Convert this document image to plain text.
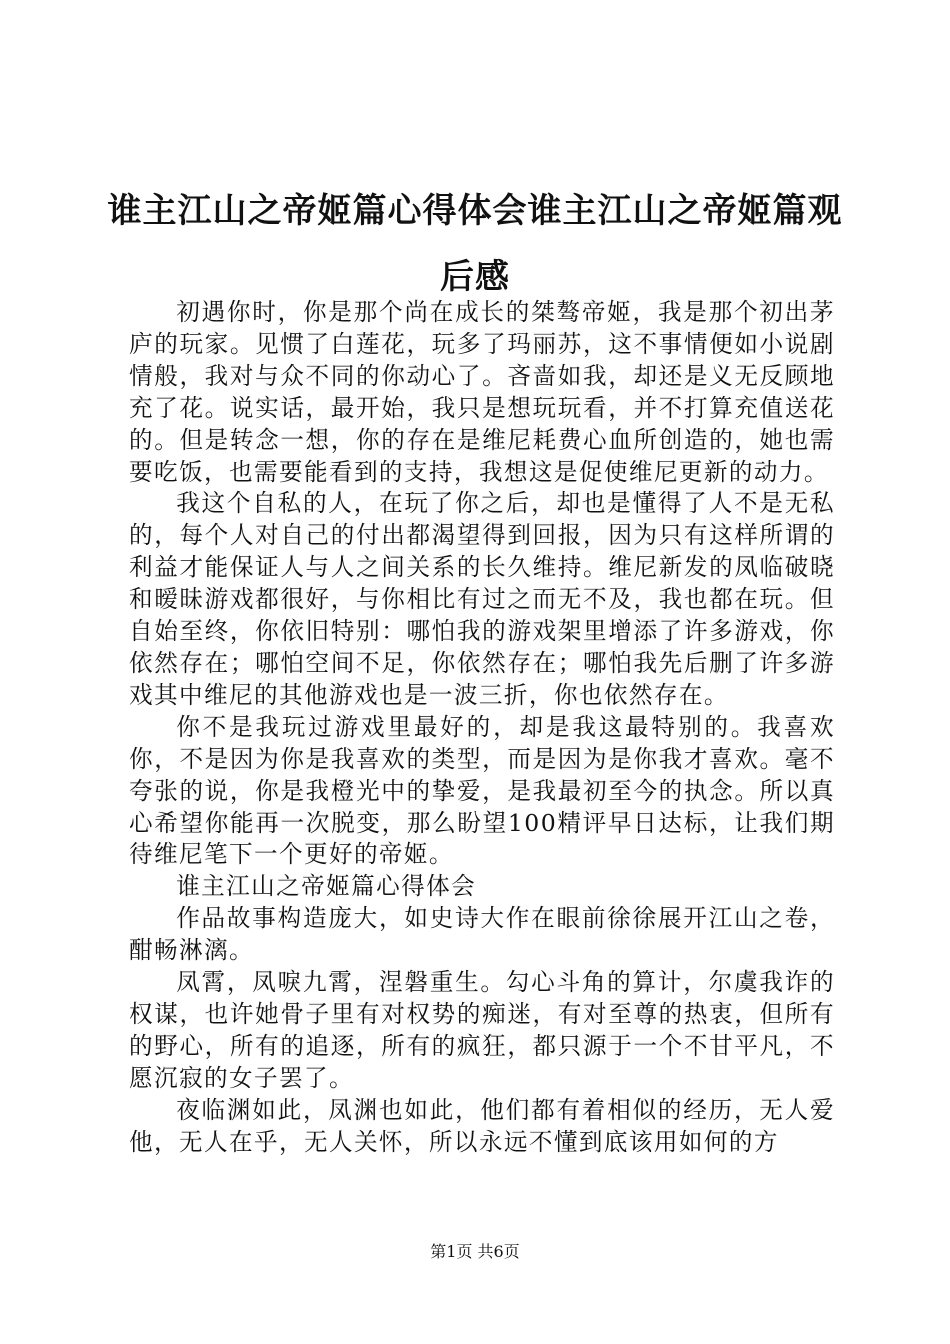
谁主江山之帝姬篇心得体会谁主江山之帝姬篇观后感

初遇你时，你是那个尚在成长的桀骜帝姬，我是那个初出茅庐的玩家。见惯了白莲花，玩多了玛丽苏，这不事情便如小说剧情般，我对与众不同的你动心了。吝啬如我，却还是义无反顾地充了花。说实话，最开始，我只是想玩玩看，并不打算充值送花的。但是转念一想，你的存在是维尼耗费心血所创造的，她也需要吃饭，也需要能看到的支持，我想这是促使维尼更新的动力。

我这个自私的人，在玩了你之后，却也是懂得了人不是无私的，每个人对自己的付出都渴望得到回报，因为只有这样所谓的利益才能保证人与人之间关系的长久维持。维尼新发的凤临破晓和暧昧游戏都很好，与你相比有过之而无不及，我也都在玩。但自始至终，你依旧特别：哪怕我的游戏架里增添了许多游戏，你依然存在；哪怕空间不足，你依然存在；哪怕我先后删了许多游戏其中维尼的其他游戏也是一波三折，你也依然存在。

你不是我玩过游戏里最好的，却是我这最特别的。我喜欢你，不是因为你是我喜欢的类型，而是因为是你我才喜欢。毫不夸张的说，你是我橙光中的挚爱，是我最初至今的执念。所以真心希望你能再一次脱变，那么盼望100精评早日达标，让我们期待维尼笔下一个更好的帝姬。

谁主江山之帝姬篇心得体会

作品故事构造庞大，如史诗大作在眼前徐徐展开江山之卷，酣畅淋漓。

凤霄，凤唳九霄，涅磐重生。勾心斗角的算计，尔虞我诈的权谋，也许她骨子里有对权势的痴迷，有对至尊的热衷，但所有的野心，所有的追逐，所有的疯狂，都只源于一个不甘平凡，不愿沉寂的女子罢了。

夜临渊如此，凤渊也如此，他们都有着相似的经历，无人爱他，无人在乎，无人关怀，所以永远不懂到底该用如何的方

第1页 共6页
